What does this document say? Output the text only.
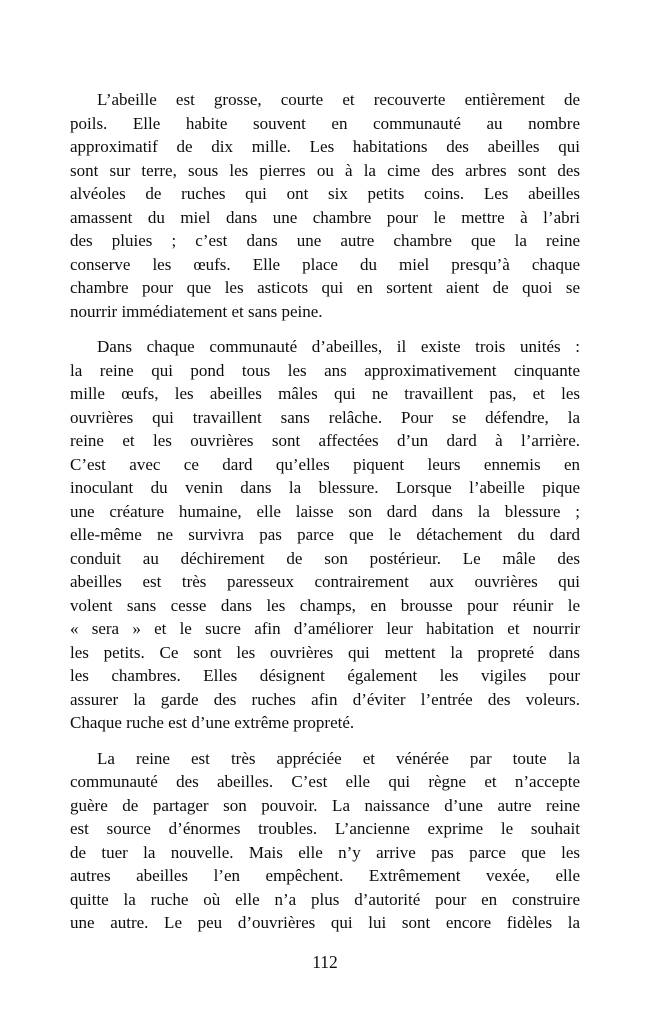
L’abeille est grosse, courte et recouverte entièrement de
poils. Elle habite souvent en communauté au nombre
approximatif de dix mille. Les habitations des abeilles qui
sont sur terre, sous les pierres ou à la cime des arbres sont des
alvéoles de ruches qui ont six petits coins. Les abeilles
amassent du miel dans une chambre pour le mettre à l’abri
des pluies ; c’est dans une autre chambre que la reine
conserve les œufs. Elle place du miel presqu’à chaque
chambre pour que les asticots qui en sortent aient de quoi se
nourrir immédiatement et sans peine.
Dans chaque communauté d’abeilles, il existe trois unités :
la reine qui pond tous les ans approximativement cinquante
mille œufs, les abeilles mâles qui ne travaillent pas, et les
ouvrières qui travaillent sans relâche. Pour se défendre, la
reine et les ouvrières sont affectées d’un dard à l’arrière.
C’est avec ce dard qu’elles piquent leurs ennemis en
inoculant du venin dans la blessure. Lorsque l’abeille pique
une créature humaine, elle laisse son dard dans la blessure ;
elle-même ne survivra pas parce que le détachement du dard
conduit au déchirement de son postérieur. Le mâle des
abeilles est très paresseux contrairement aux ouvrières qui
volent sans cesse dans les champs, en brousse pour réunir le
« sera » et le sucre afin d’améliorer leur habitation et nourrir
les petits. Ce sont les ouvrières qui mettent la propreté dans
les chambres. Elles désignent également les vigiles pour
assurer la garde des ruches afin d’éviter l’entrée des voleurs.
Chaque ruche est d’une extrême propreté.
La reine est très appréciée et vénérée par toute la
communauté des abeilles. C’est elle qui règne et n’accepte
guère de partager son pouvoir. La naissance d’une autre reine
est source d’énormes troubles. L’ancienne exprime le souhait
de tuer la nouvelle. Mais elle n’y arrive pas parce que les
autres abeilles l’en empêchent. Extrêmement vexée, elle
quitte la ruche où elle n’a plus d’autorité pour en construire
une autre. Le peu d’ouvrières qui lui sont encore fidèles la
112
